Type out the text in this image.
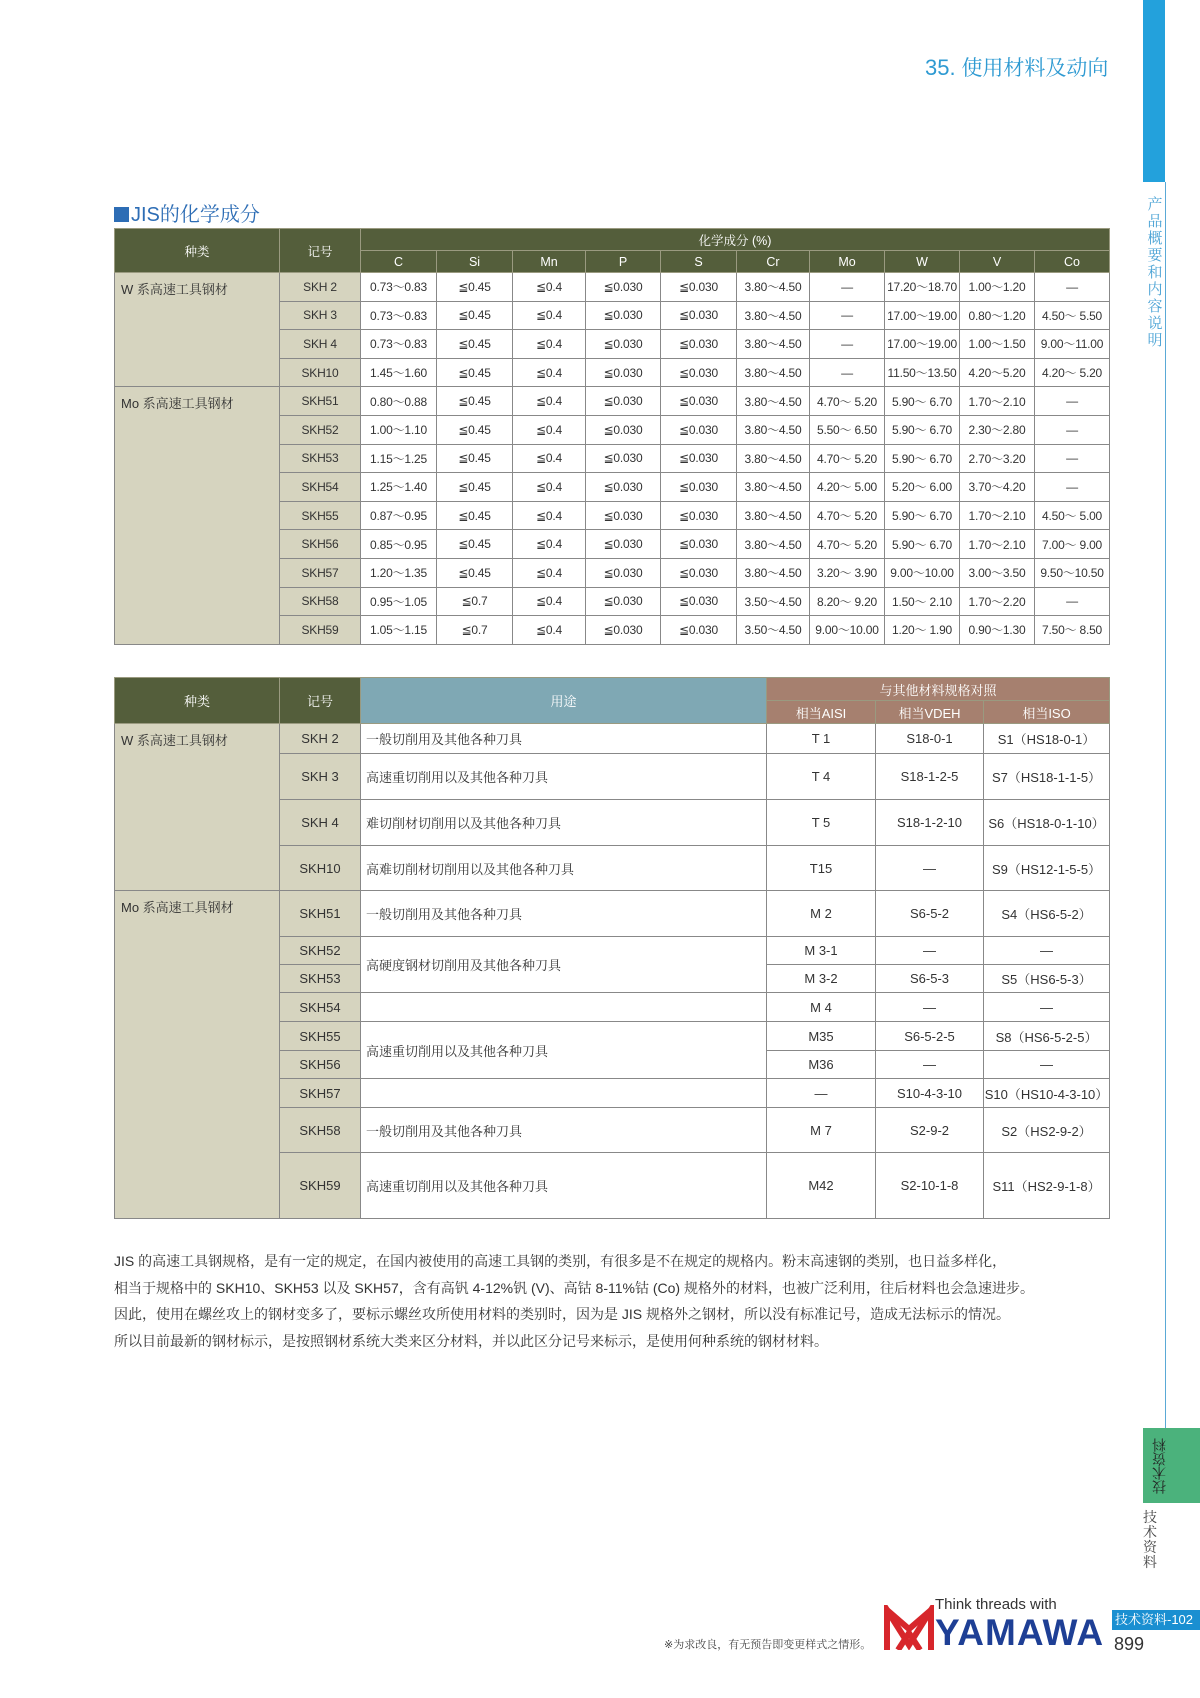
35. 使用材料及动向
产品概要和内容说明
技术资料
技术资料
JIS的化学成分
种类	记号	化学成分 (%)									
		C	Si	Mn	P	S	Cr	Mo	W	V	Co
W 系高速工具钢材	SKH 2	0.73～0.83	≦0.45	≦0.4	≦0.030	≦0.030	3.80～4.50	—	17.20～18.70	1.00～1.20	—
	SKH 3	0.73～0.83	≦0.45	≦0.4	≦0.030	≦0.030	3.80～4.50	—	17.00～19.00	0.80～1.20	4.50～ 5.50
	SKH 4	0.73～0.83	≦0.45	≦0.4	≦0.030	≦0.030	3.80～4.50	—	17.00～19.00	1.00～1.50	9.00～11.00
	SKH10	1.45～1.60	≦0.45	≦0.4	≦0.030	≦0.030	3.80～4.50	—	11.50～13.50	4.20～5.20	4.20～ 5.20
Mo 系高速工具钢材	SKH51	0.80～0.88	≦0.45	≦0.4	≦0.030	≦0.030	3.80～4.50	4.70～ 5.20	5.90～ 6.70	1.70～2.10	—
	SKH52	1.00～1.10	≦0.45	≦0.4	≦0.030	≦0.030	3.80～4.50	5.50～ 6.50	5.90～ 6.70	2.30～2.80	—
	SKH53	1.15～1.25	≦0.45	≦0.4	≦0.030	≦0.030	3.80～4.50	4.70～ 5.20	5.90～ 6.70	2.70～3.20	—
	SKH54	1.25～1.40	≦0.45	≦0.4	≦0.030	≦0.030	3.80～4.50	4.20～ 5.00	5.20～ 6.00	3.70～4.20	—
	SKH55	0.87～0.95	≦0.45	≦0.4	≦0.030	≦0.030	3.80～4.50	4.70～ 5.20	5.90～ 6.70	1.70～2.10	4.50～ 5.00
	SKH56	0.85～0.95	≦0.45	≦0.4	≦0.030	≦0.030	3.80～4.50	4.70～ 5.20	5.90～ 6.70	1.70～2.10	7.00～ 9.00
	SKH57	1.20～1.35	≦0.45	≦0.4	≦0.030	≦0.030	3.80～4.50	3.20～ 3.90	9.00～10.00	3.00～3.50	9.50～10.50
	SKH58	0.95～1.05	≦0.7	≦0.4	≦0.030	≦0.030	3.50～4.50	8.20～ 9.20	1.50～ 2.10	1.70～2.20	—
	SKH59	1.05～1.15	≦0.7	≦0.4	≦0.030	≦0.030	3.50～4.50	9.00～10.00	1.20～ 1.90	0.90～1.30	7.50～ 8.50
种类	记号	用途	与其他材料规格对照		
			相当AISI	相当VDEH	相当ISO
W 系高速工具钢材	SKH 2	一般切削用及其他各种刀具	T 1	S18-0-1	S1（HS18-0-1）
	SKH 3	高速重切削用以及其他各种刀具	T 4	S18-1-2-5	S7（HS18-1-1-5）
	SKH 4	难切削材切削用以及其他各种刀具	T 5	S18-1-2-10	S6（HS18-0-1-10）
	SKH10	高难切削材切削用以及其他各种刀具	T15	—	S9（HS12-1-5-5）
Mo 系高速工具钢材	SKH51	一般切削用及其他各种刀具	M 2	S6-5-2	S4（HS6-5-2）
	SKH52	高硬度钢材切削用及其他各种刀具	M 3-1	—	—
	SKH53		M 3-2	S6-5-3	S5（HS6-5-3）
	SKH54		M 4	—	—
	SKH55	高速重切削用以及其他各种刀具	M35	S6-5-2-5	S8（HS6-5-2-5）
	SKH56		M36	—	—
	SKH57		—	S10-4-3-10	S10（HS10-4-3-10）
	SKH58	一般切削用及其他各种刀具	M 7	S2-9-2	S2（HS2-9-2）
	SKH59	高速重切削用以及其他各种刀具	M42	S2-10-1-8	S11（HS2-9-1-8）
JIS 的高速工具钢规格，是有一定的规定，在国内被使用的高速工具钢的类别，有很多是不在规定的规格内。粉末高速钢的类别，也日益多样化，
相当于规格中的 SKH10、SKH53 以及 SKH57，含有高钒 4-12%钒 (V)、高钴 8-11%钴 (Co) 规格外的材料，也被广泛利用，往后材料也会急速进步。
因此，使用在螺丝攻上的钢材变多了，要标示螺丝攻所使用材料的类别时，因为是 JIS 规格外之钢材，所以没有标准记号，造成无法标示的情况。
所以目前最新的钢材标示，是按照钢材系统大类来区分材料，并以此区分记号来标示，是使用何种系统的钢材材料。
※为求改良，有无预告即变更样式之情形。
Think threads with
YAMAWA 技术资料-102
899
